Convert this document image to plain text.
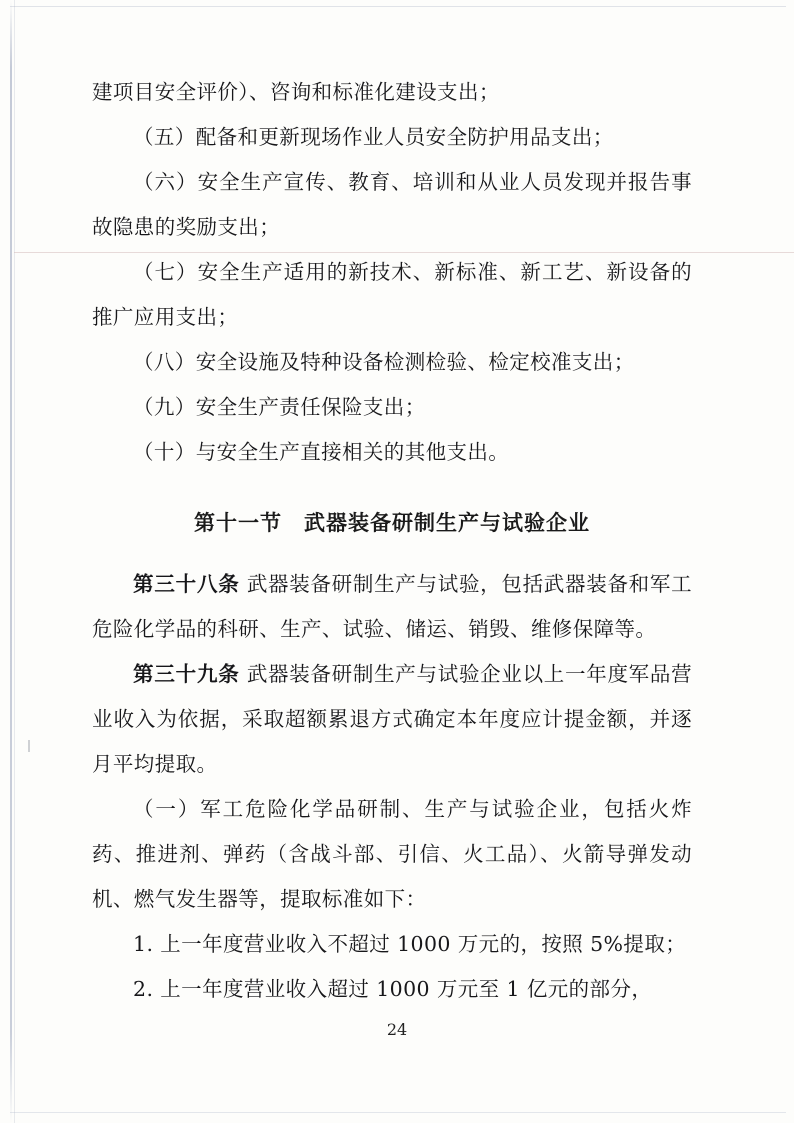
建项目安全评价）、咨询和标准化建设支出；

（五）配备和更新现场作业人员安全防护用品支出；

（六）安全生产宣传、教育、培训和从业人员发现并报告事故隐患的奖励支出；

（七）安全生产适用的新技术、新标准、新工艺、新设备的推广应用支出；

（八）安全设施及特种设备检测检验、检定校准支出；

（九）安全生产责任保险支出；

（十）与安全生产直接相关的其他支出。

第十一节 武器装备研制生产与试验企业

第三十八条 武器装备研制生产与试验，包括武器装备和军工危险化学品的科研、生产、试验、储运、销毁、维修保障等。

第三十九条 武器装备研制生产与试验企业以上一年度军品营业收入为依据，采取超额累退方式确定本年度应计提金额，并逐月平均提取。

（一）军工危险化学品研制、生产与试验企业，包括火炸药、推进剂、弹药（含战斗部、引信、火工品）、火箭导弹发动机、燃气发生器等，提取标准如下：

1. 上一年度营业收入不超过 1000 万元的，按照 5%提取；

2. 上一年度营业收入超过 1000 万元至 1 亿元的部分，

24
